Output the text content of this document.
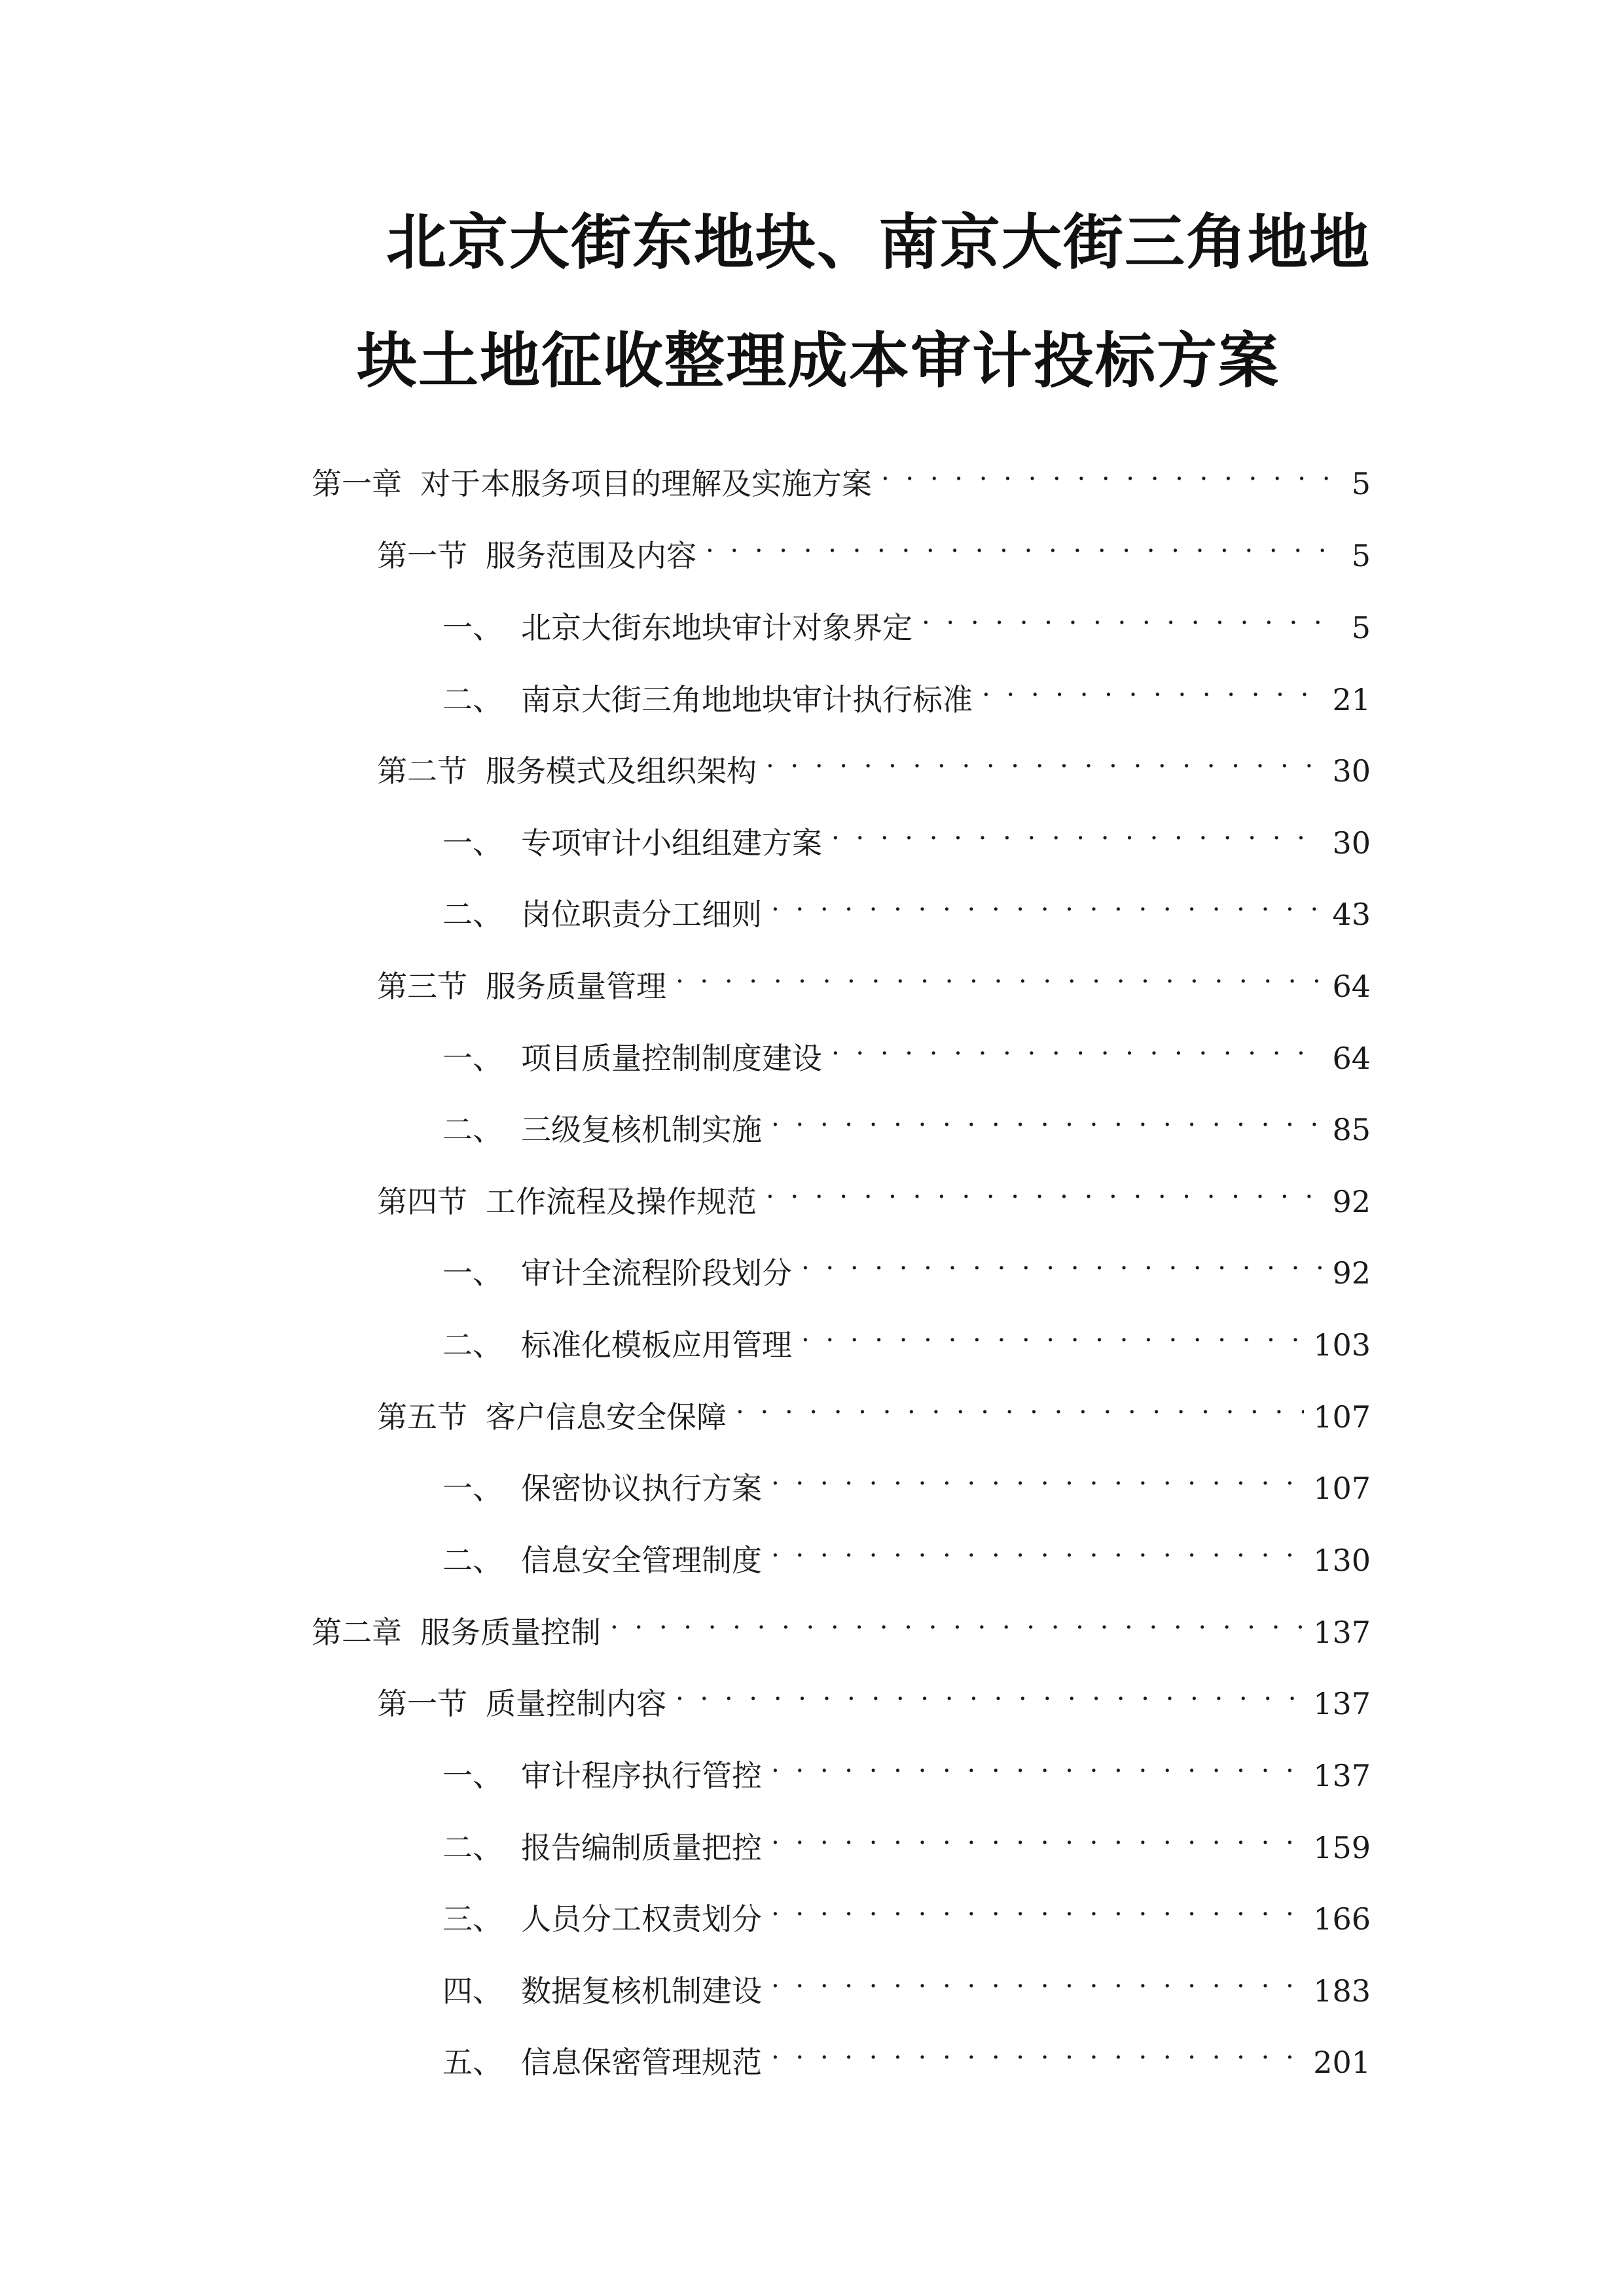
北京大街东地块、南京大街三角地地
块土地征收整理成本审计投标方案
第一章 对于本服务项目的理解及实施方案 . . .	5
第一节 服务范围及内容 . . .	5
一、 北京大街东地块审计对象界定 . . .	5
二、 南京大街三角地地块审计执行标准 . . .	21
第二节 服务模式及组织架构 . . .	30
一、 专项审计小组组建方案 . . .	30
二、 岗位职责分工细则 . . .	43
第三节 服务质量管理 . . .	64
一、 项目质量控制制度建设 . . .	64
二、 三级复核机制实施 . . .	85
第四节 工作流程及操作规范 . . .	92
一、 审计全流程阶段划分 . . .	92
二、 标准化模板应用管理 . . .	103
第五节 客户信息安全保障 . . .	107
一、 保密协议执行方案 . . .	107
二、 信息安全管理制度 . . .	130
第二章 服务质量控制 . . .	137
第一节 质量控制内容 . . .	137
一、 审计程序执行管控 . . .	137
二、 报告编制质量把控 . . .	159
三、 人员分工权责划分 . . .	166
四、 数据复核机制建设 . . .	183
五、 信息保密管理规范 . . .	201
